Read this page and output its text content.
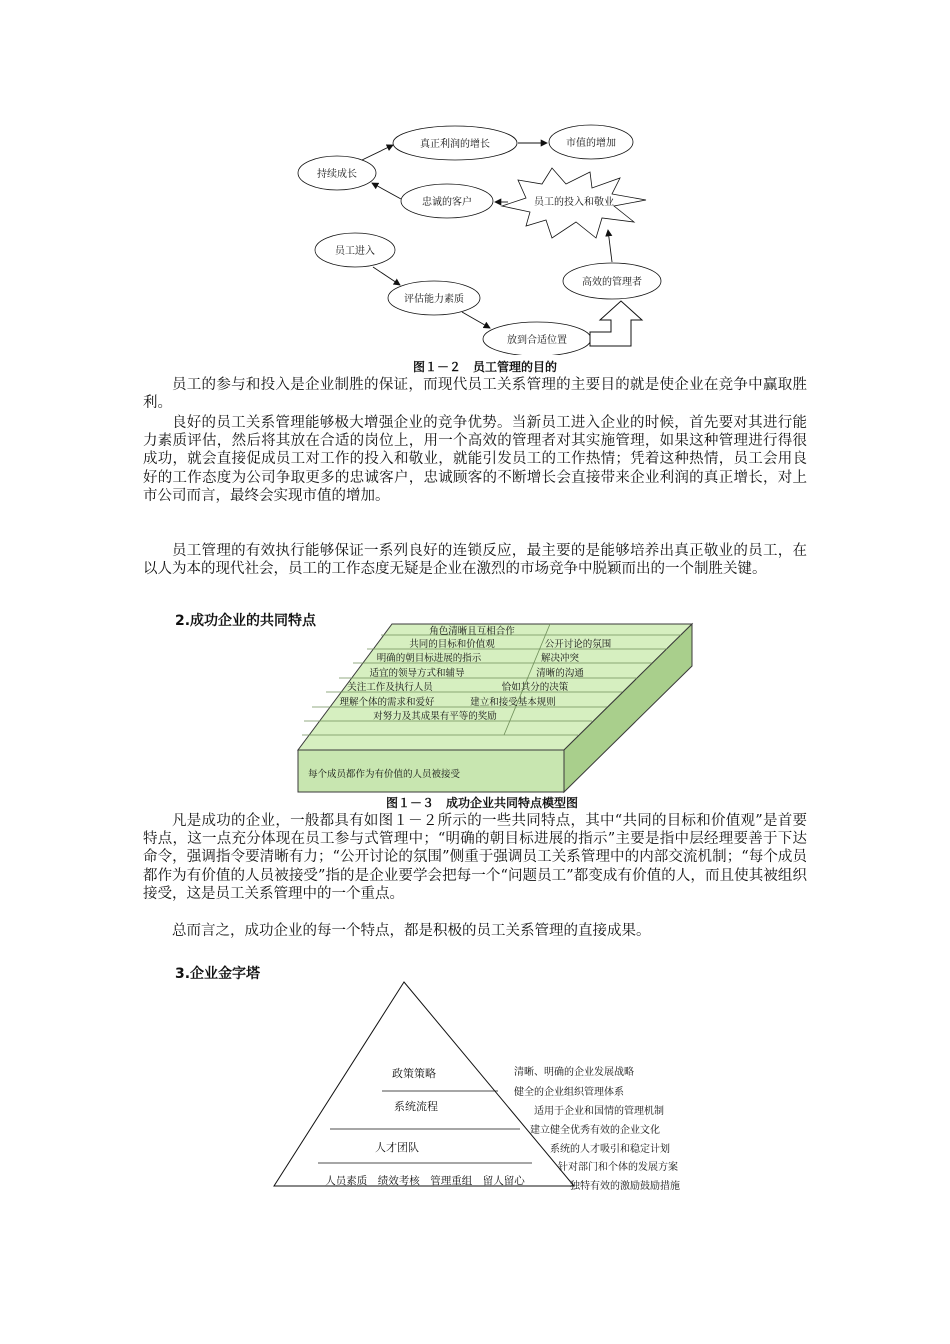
真正利润的增长	市值的增加
持续成长
忠诚的客户	员工的投入和敬业
员工进入
评估能力素质
高效的管理者
放到合适位置
图１－２　员工管理的目的

员工的参与和投入是企业制胜的保证，而现代员工关系管理的主要目的就是使企业在竞争中赢取胜利。

良好的员工关系管理能够极大增强企业的竞争优势。当新员工进入企业的时候，首先要对其进行能力素质评估，然后将其放在合适的岗位上，用一个高效的管理者对其实施管理，如果这种管理进行得很成功，就会直接促成员工对工作的投入和敬业，就能引发员工的工作热情；凭着这种热情，员工会用良好的工作态度为公司争取更多的忠诚客户，忠诚顾客的不断增长会直接带来企业利润的真正增长，对上市公司而言，最终会实现市值的增加。

员工管理的有效执行能够保证一系列良好的连锁反应，最主要的是能够培养出真正敬业的员工，在以人为本的现代社会，员工的工作态度无疑是企业在激烈的市场竞争中脱颖而出的一个制胜关键。

2.成功企业的共同特点
角色清晰且互相合作
共同的目标和价值观	公开讨论的氛围
明确的朝目标进展的指示	解决冲突
适宜的领导方式和辅导	清晰的沟通
关注工作及执行人员	恰如其分的决策
理解个体的需求和爱好	建立和接受基本规则
对努力及其成果有平等的奖励
每个成员都作为有价值的人员被接受
图１－３　成功企业共同特点模型图

凡是成功的企业，一般都具有如图１－２所示的一些共同特点，其中“共同的目标和价值观”是首要特点，这一点充分体现在员工参与式管理中；“明确的朝目标进展的指示”主要是指中层经理要善于下达命令，强调指令要清晰有力；“公开讨论的氛围”侧重于强调员工关系管理中的内部交流机制；“每个成员都作为有价值的人员被接受”指的是企业要学会把每一个“问题员工”都变成有价值的人，而且使其被组织接受，这是员工关系管理中的一个重点。

总而言之，成功企业的每一个特点，都是积极的员工关系管理的直接成果。

3.企业金字塔
政策策略
系统流程
人才团队
人员素质　绩效考核　管理重组　留人留心
清晰、明确的企业发展战略
健全的企业组织管理体系
适用于企业和国情的管理机制
建立健全优秀有效的企业文化
系统的人才吸引和稳定计划
针对部门和个体的发展方案
独特有效的激励鼓励措施
